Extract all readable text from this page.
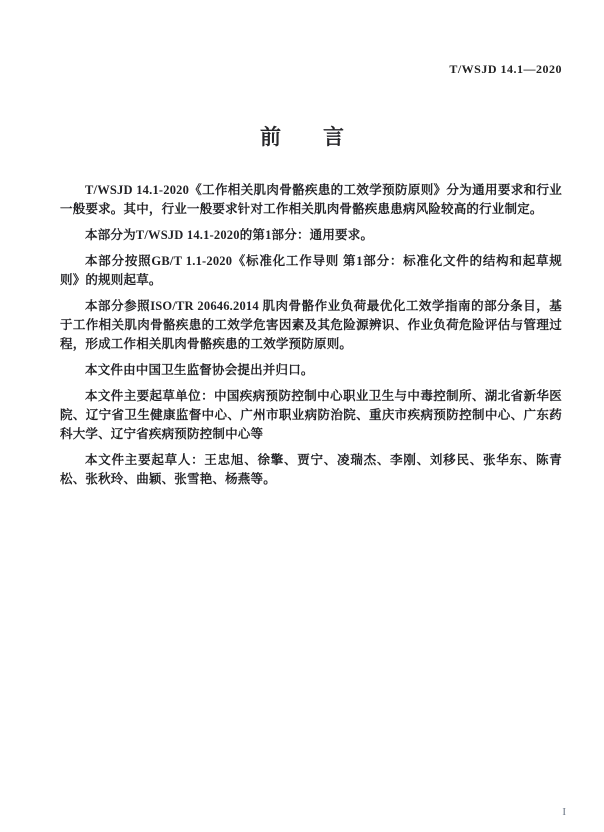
T/WSJD 14.1—2020
前　　言

T/WSJD 14.1-2020《工作相关肌肉骨骼疾患的工效学预防原则》分为通用要求和行业一般要求。其中，行业一般要求针对工作相关肌肉骨骼疾患患病风险较高的行业制定。

本部分为T/WSJD 14.1-2020的第1部分：通用要求。

本部分按照GB/T 1.1-2020《标准化工作导则 第1部分：标准化文件的结构和起草规则》的规则起草。

本部分参照ISO/TR 20646.2014 肌肉骨骼作业负荷最优化工效学指南的部分条目，基于工作相关肌肉骨骼疾患的工效学危害因素及其危险源辨识、作业负荷危险评估与管理过程，形成工作相关肌肉骨骼疾患的工效学预防原则。

本文件由中国卫生监督协会提出并归口。

本文件主要起草单位：中国疾病预防控制中心职业卫生与中毒控制所、湖北省新华医院、辽宁省卫生健康监督中心、广州市职业病防治院、重庆市疾病预防控制中心、广东药科大学、辽宁省疾病预防控制中心等

本文件主要起草人：王忠旭、徐擎、贾宁、凌瑞杰、李刚、刘移民、张华东、陈青松、张秋玲、曲颖、张雪艳、杨燕等。

I
